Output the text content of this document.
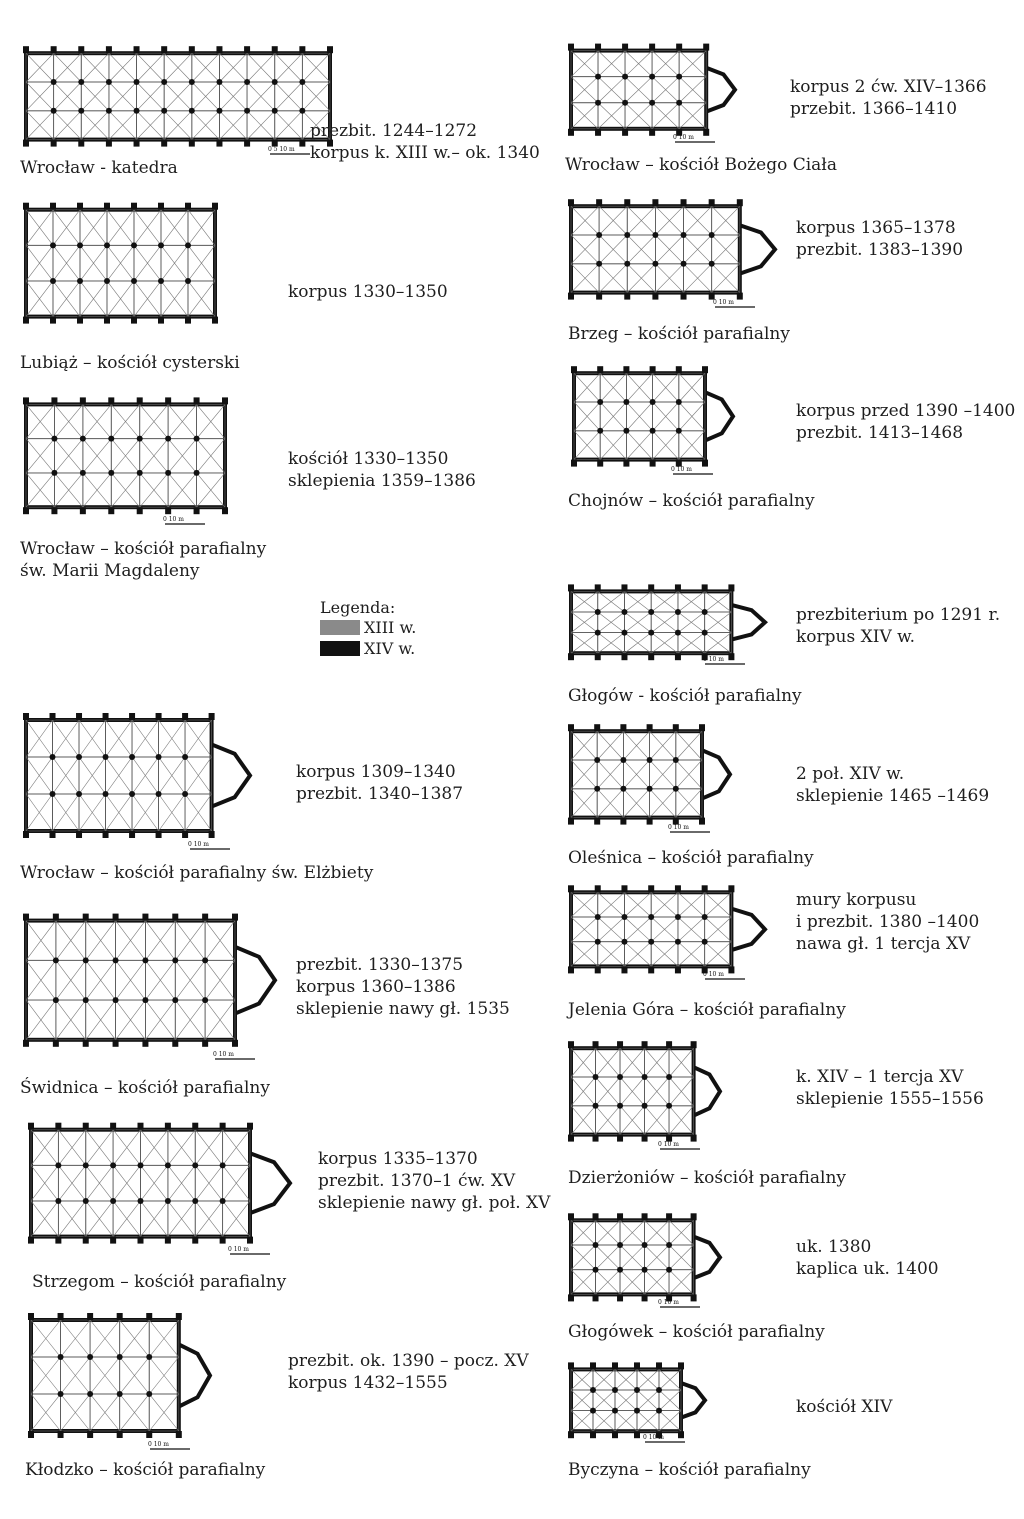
0 5 10 m
Wrocław - katedra
prezbit. 1244–1272
korpus k. XIII w.– ok. 1340
Lubiąż – kościół cysterski
korpus 1330–1350
0 10 m
Wrocław – kościół parafialny
św. Marii Magdaleny
kościół 1330–1350
sklepienia 1359–1386
Legenda:
XIII w.
XIV w.
0 10 m
Wrocław – kościół parafialny św. Elżbiety
korpus 1309–1340
prezbit. 1340–1387
0 10 m
Świdnica – kościół parafialny
prezbit. 1330–1375
korpus 1360–1386
sklepienie nawy gł. 1535
0 10 m
Strzegom – kościół parafialny
korpus 1335–1370
prezbit. 1370–1 ćw. XV
sklepienie nawy gł. poł. XV
0 10 m
Kłodzko – kościół parafialny
prezbit. ok. 1390 – pocz. XV
korpus 1432–1555
0 10 m
Wrocław – kościół Bożego Ciała
korpus 2 ćw. XIV–1366
przebit. 1366–1410
0 10 m
Brzeg – kościół parafialny
korpus 1365–1378
prezbit. 1383–1390
0 10 m
Chojnów – kościół parafialny
korpus przed 1390 –1400
prezbit. 1413–1468
0 10 m
Głogów - kościół parafialny
prezbiterium po 1291 r.
korpus XIV w.
0 10 m
Oleśnica – kościół parafialny
2 poł. XIV w.
sklepienie 1465 –1469
0 10 m
Jelenia Góra – kościół parafialny
mury korpusu
i prezbit. 1380 –1400
nawa gł. 1 tercja XV
0 10 m
Dzierżoniów – kościół parafialny
k. XIV – 1 tercja XV
sklepienie 1555–1556
0 10 m
Głogówek – kościół parafialny
uk. 1380
kaplica uk. 1400
0 10 m
Byczyna – kościół parafialny
kościół XIV
